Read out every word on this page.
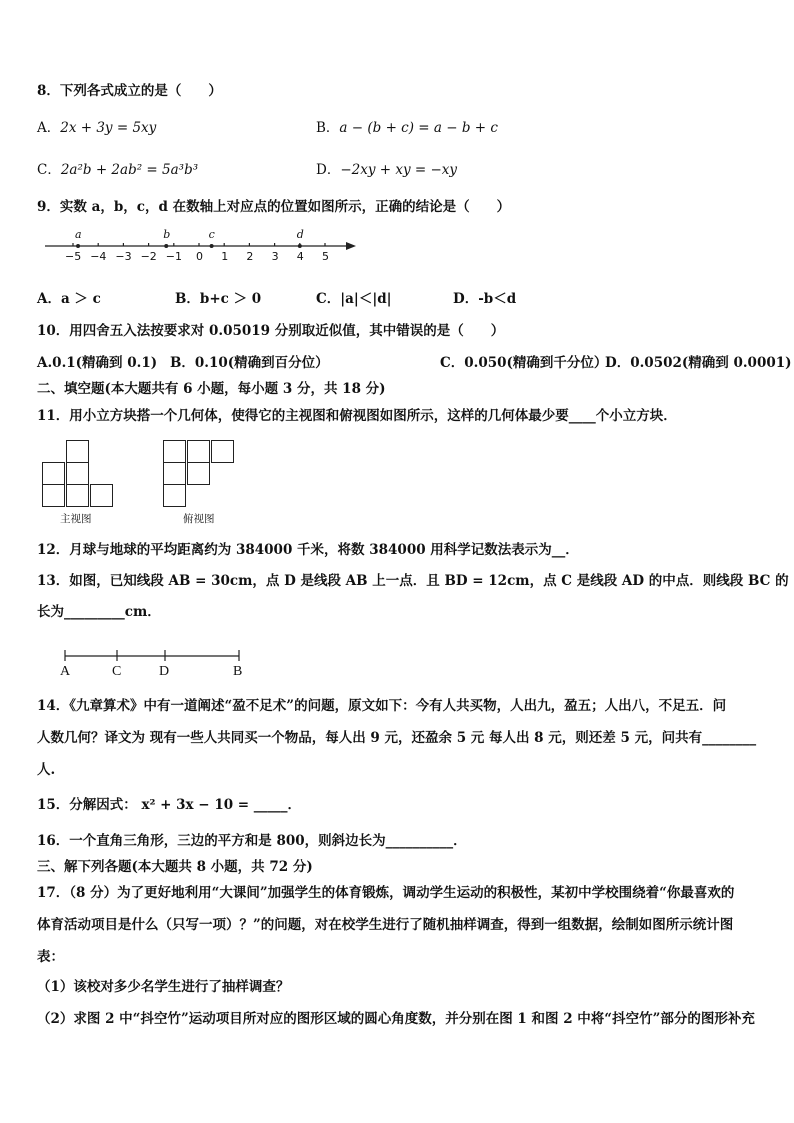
8．下列各式成立的是（　　）
A．2x + 3y = 5xy	B．a − (b + c) = a − b + c
C．2a²b + 2ab² = 5a³b³	D．−2xy + xy = −xy
9．实数 a，b，c，d 在数轴上对应点的位置如图所示，正确的结论是（　　）
−5 −4 −3 −2 −1 0 1 2 3 4 5
a	b	c	d
A．a ＞ c	B．b+c ＞ 0	C．|a|＜|d|	D．-b＜d
10．用四舍五入法按要求对 0.05019 分别取近似值，其中错误的是（　　）
A.0.1(精确到 0.1) B．0.10(精确到百分位）	C．0.050(精确到千分位）
D．0.0502(精确到 0.0001)
二、填空题(本大题共有 6 小题，每小题 3 分，共 18 分)
11．用小立方块搭一个几何体，使得它的主视图和俯视图如图所示，这样的几何体最少要____个小立方块．
主视图	俯视图
12．月球与地球的平均距离约为 384000 千米，将数 384000 用科学记数法表示为__．
13．如图，已知线段 AB = 30cm，点 D 是线段 AB 上一点．且 BD = 12cm，点 C 是线段 AD 的中点．则线段 BC 的
长为_________cm．
A	C	D	B
14．《九章算术》中有一道阐述“盈不足术”的问题，原文如下：今有人共买物，人出九，盈五；人出八，不足五．问
人数几何？译文为 现有一些人共同买一个物品，每人出 9 元，还盈余 5 元 每人出 8 元，则还差 5 元，问共有________
人.
15．分解因式： x² + 3x − 10 = _____．
16．一个直角三角形，三边的平方和是 800，则斜边长为__________．
三、解下列各题(本大题共 8 小题，共 72 分)
17．（8 分）为了更好地利用“大课间”加强学生的体育锻炼，调动学生运动的积极性，某初中学校围绕着“你最喜欢的
体育活动项目是什么（只写一项）？”的问题，对在校学生进行了随机抽样调查，得到一组数据，绘制如图所示统计图
表：
（1）该校对多少名学生进行了抽样调查？
（2）求图 2 中“抖空竹”运动项目所对应的图形区域的圆心角度数，并分别在图 1 和图 2 中将“抖空竹”部分的图形补充
